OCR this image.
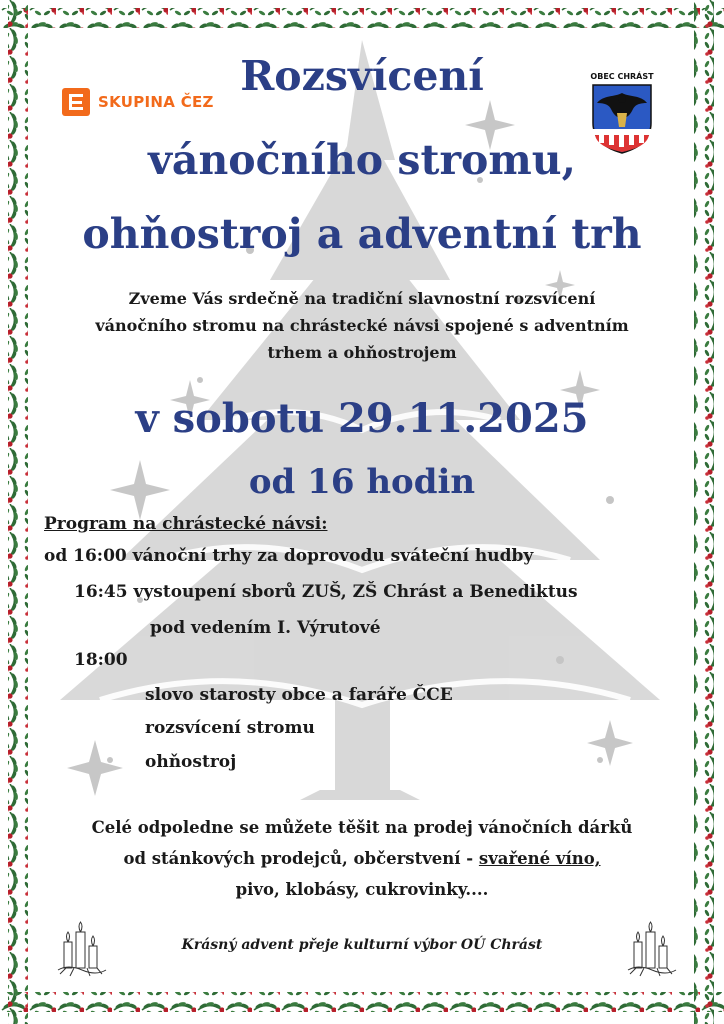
SKUPINA ČEZ
OBEC CHRÁST
Rozsvícení
vánočního stromu,
ohňostroj a adventní trh
Zveme Vás srdečně na tradiční slavnostní rozsvícení
vánočního stromu na chrástecké návsi spojené s adventním
trhem a ohňostrojem
v sobotu 29.11.2025
od 16 hodin
Program na chrástecké návsi:
od 16:00 vánoční trhy za doprovodu sváteční hudby
16:45 vystoupení sborů ZUŠ, ZŠ Chrást a Benediktus
pod vedením I. Výrutové
18:00
slovo starosty obce a faráře ČCE
rozsvícení stromu
ohňostroj
Celé odpoledne se můžete těšit na prodej vánočních dárků
od stánkových prodejců, občerstvení - svařené víno,
pivo, klobásy, cukrovinky....
Krásný advent přeje kulturní výbor OÚ Chrást
